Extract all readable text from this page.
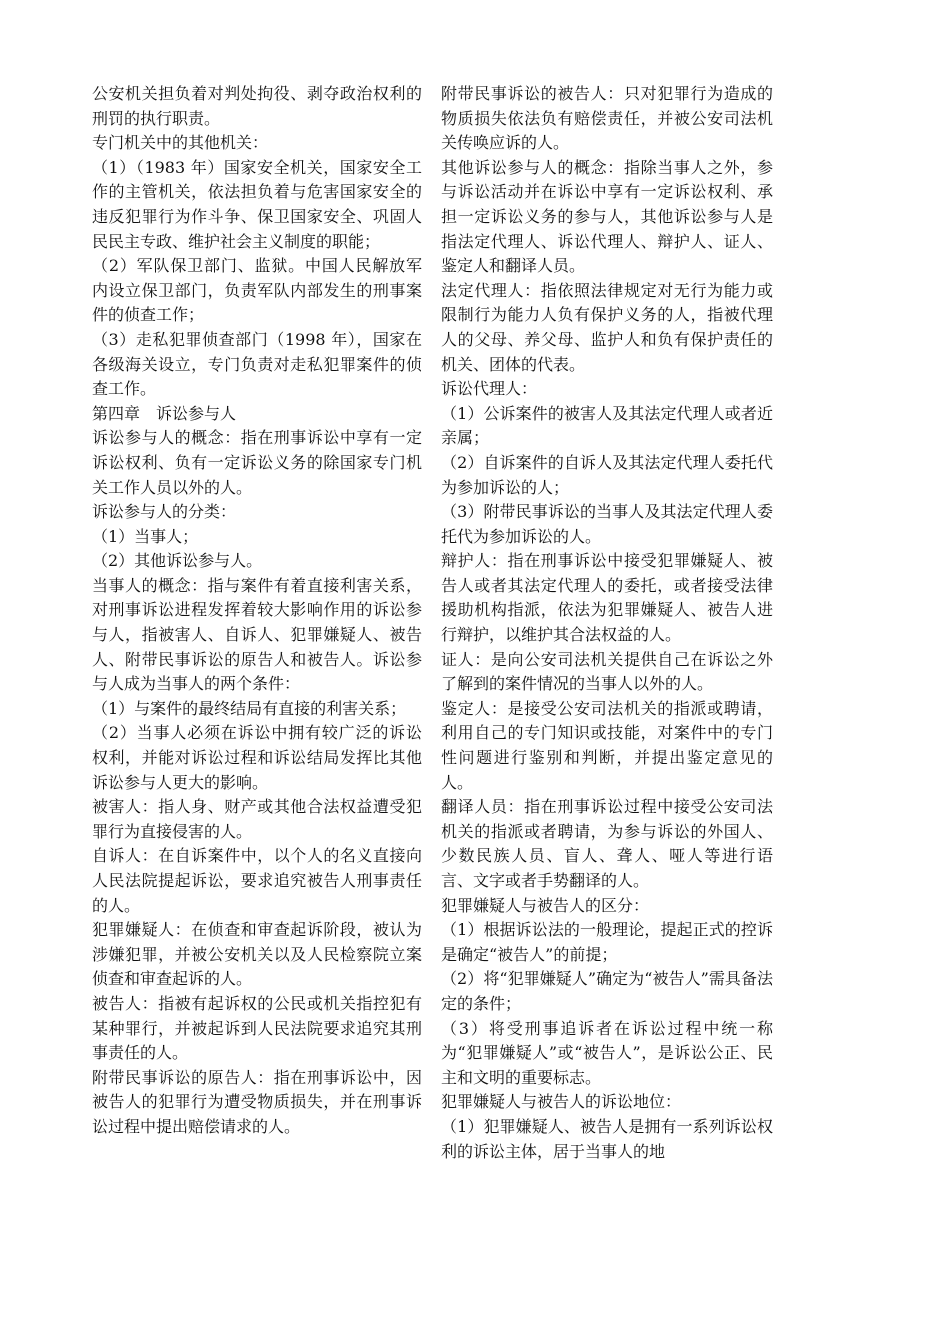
公安机关担负着对判处拘役、剥夺政治权利的刑罚的执行职责。

专门机关中的其他机关：

（1）（1983 年）国家安全机关，国家安全工作的主管机关，依法担负着与危害国家安全的违反犯罪行为作斗争、保卫国家安全、巩固人民民主专政、维护社会主义制度的职能；

（2）军队保卫部门、监狱。中国人民解放军内设立保卫部门，负责军队内部发生的刑事案件的侦查工作；

（3）走私犯罪侦查部门（1998 年），国家在各级海关设立，专门负责对走私犯罪案件的侦查工作。

第四章　诉讼参与人

诉讼参与人的概念：指在刑事诉讼中享有一定诉讼权利、负有一定诉讼义务的除国家专门机关工作人员以外的人。

诉讼参与人的分类：

（1）当事人；

（2）其他诉讼参与人。

当事人的概念：指与案件有着直接利害关系，对刑事诉讼进程发挥着较大影响作用的诉讼参与人，指被害人、自诉人、犯罪嫌疑人、被告人、附带民事诉讼的原告人和被告人。诉讼参与人成为当事人的两个条件：

（1）与案件的最终结局有直接的利害关系；

（2）当事人必须在诉讼中拥有较广泛的诉讼权利，并能对诉讼过程和诉讼结局发挥比其他诉讼参与人更大的影响。

被害人：指人身、财产或其他合法权益遭受犯罪行为直接侵害的人。

自诉人：在自诉案件中，以个人的名义直接向人民法院提起诉讼，要求追究被告人刑事责任的人。

犯罪嫌疑人：在侦查和审查起诉阶段，被认为涉嫌犯罪，并被公安机关以及人民检察院立案侦查和审查起诉的人。

被告人：指被有起诉权的公民或机关指控犯有某种罪行，并被起诉到人民法院要求追究其刑事责任的人。

附带民事诉讼的原告人：指在刑事诉讼中，因被告人的犯罪行为遭受物质损失，并在刑事诉讼过程中提出赔偿请求的人。

附带民事诉讼的被告人：只对犯罪行为造成的物质损失依法负有赔偿责任，并被公安司法机关传唤应诉的人。

其他诉讼参与人的概念：指除当事人之外，参与诉讼活动并在诉讼中享有一定诉讼权利、承担一定诉讼义务的参与人，其他诉讼参与人是指法定代理人、诉讼代理人、辩护人、证人、鉴定人和翻译人员。

法定代理人：指依照法律规定对无行为能力或限制行为能力人负有保护义务的人，指被代理人的父母、养父母、监护人和负有保护责任的机关、团体的代表。

诉讼代理人：

（1）公诉案件的被害人及其法定代理人或者近亲属；

（2）自诉案件的自诉人及其法定代理人委托代为参加诉讼的人；

（3）附带民事诉讼的当事人及其法定代理人委托代为参加诉讼的人。

辩护人：指在刑事诉讼中接受犯罪嫌疑人、被告人或者其法定代理人的委托，或者接受法律援助机构指派，依法为犯罪嫌疑人、被告人进行辩护，以维护其合法权益的人。

证人：是向公安司法机关提供自己在诉讼之外了解到的案件情况的当事人以外的人。

鉴定人：是接受公安司法机关的指派或聘请，利用自己的专门知识或技能，对案件中的专门性问题进行鉴别和判断，并提出鉴定意见的人。

翻译人员：指在刑事诉讼过程中接受公安司法机关的指派或者聘请，为参与诉讼的外国人、少数民族人员、盲人、聋人、哑人等进行语言、文字或者手势翻译的人。

犯罪嫌疑人与被告人的区分：

（1）根据诉讼法的一般理论，提起正式的控诉是确定“被告人”的前提；

（2）将“犯罪嫌疑人”确定为“被告人”需具备法定的条件；

（3）将受刑事追诉者在诉讼过程中统一称为“犯罪嫌疑人”或“被告人”，是诉讼公正、民主和文明的重要标志。

犯罪嫌疑人与被告人的诉讼地位：

（1）犯罪嫌疑人、被告人是拥有一系列诉讼权利的诉讼主体，居于当事人的地
